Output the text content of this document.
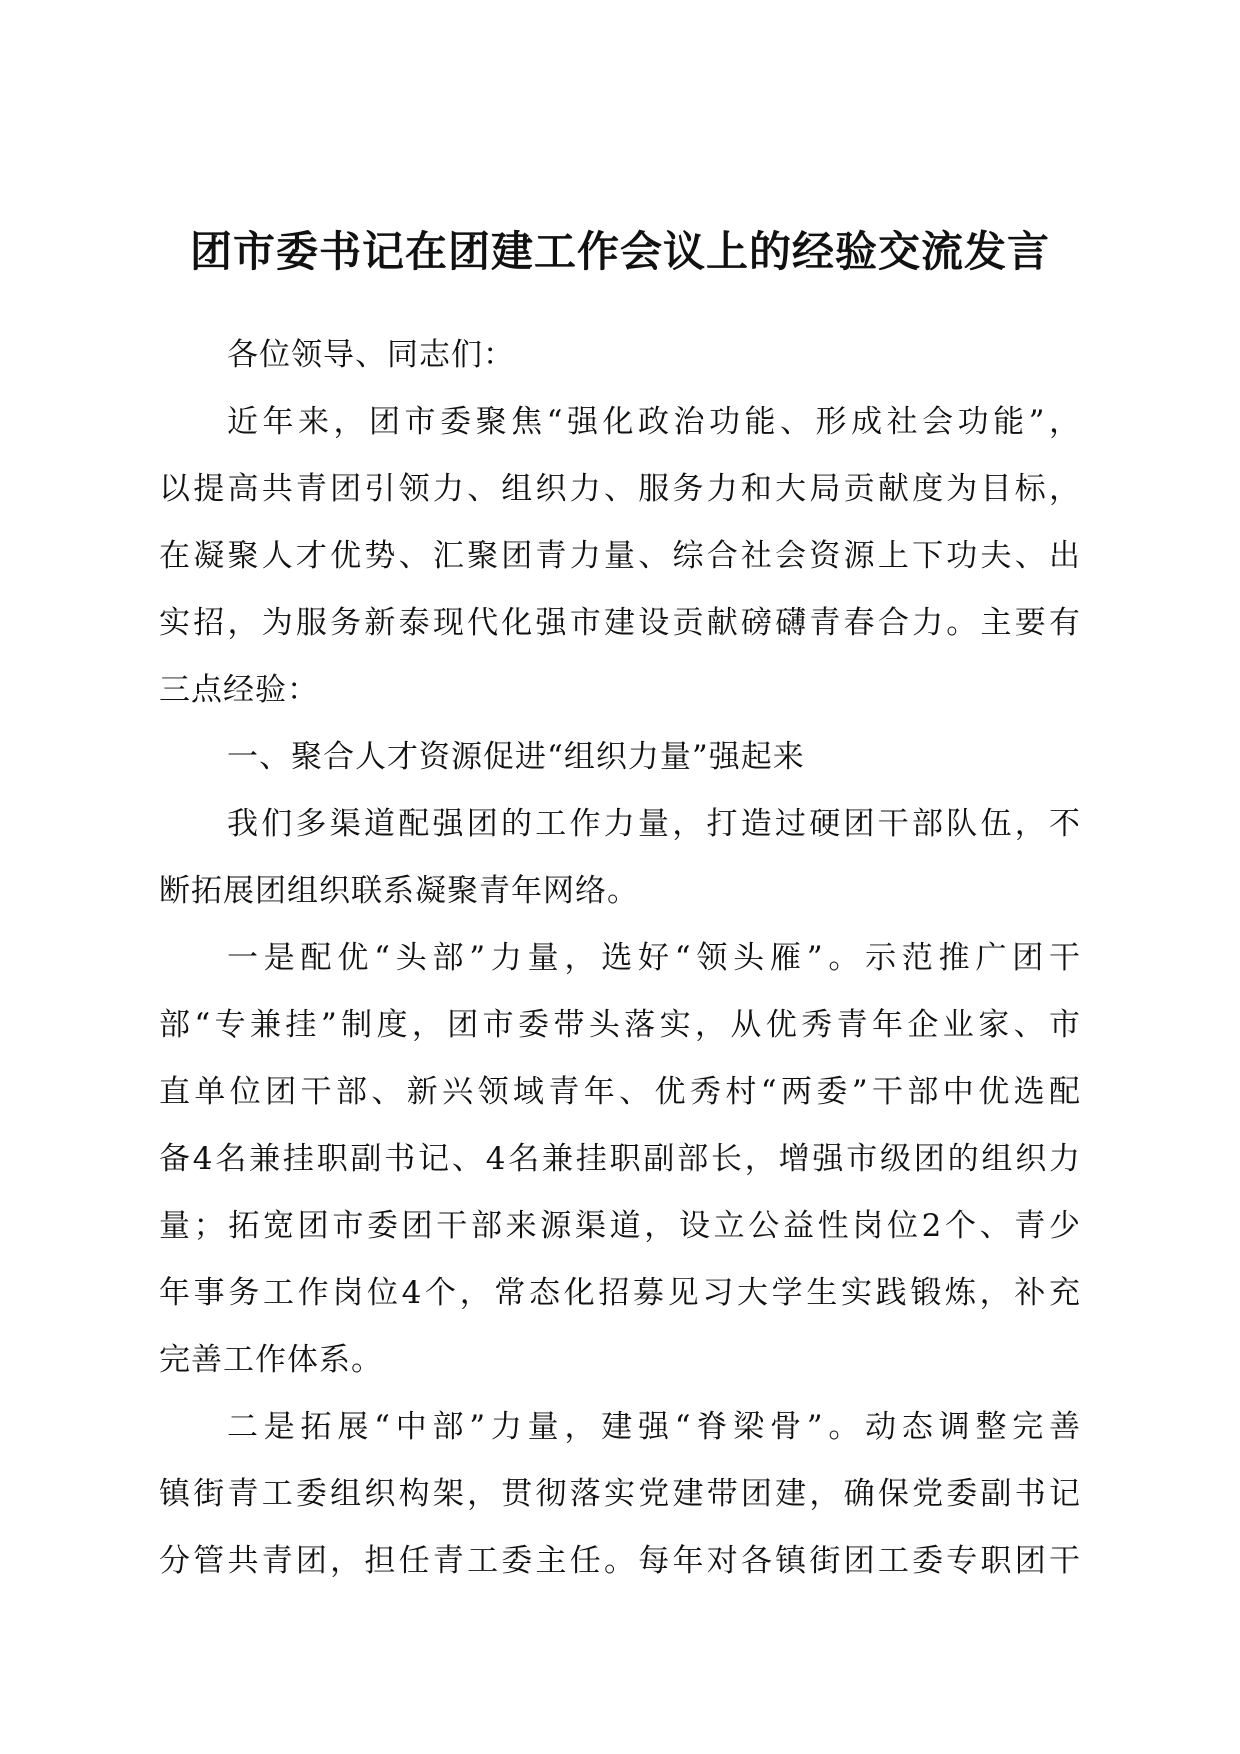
团市委书记在团建工作会议上的经验交流发言
各位领导、同志们：
近年来，团市委聚焦“强化政治功能、形成社会功能”，
以提高共青团引领力、组织力、服务力和大局贡献度为目标，
在凝聚人才优势、汇聚团青力量、综合社会资源上下功夫、出
实招，为服务新泰现代化强市建设贡献磅礴青春合力。主要有
三点经验：
一、聚合人才资源促进“组织力量”强起来
我们多渠道配强团的工作力量，打造过硬团干部队伍，不
断拓展团组织联系凝聚青年网络。
一是配优“头部”力量，选好“领头雁”。示范推广团干
部“专兼挂”制度，团市委带头落实，从优秀青年企业家、市
直单位团干部、新兴领域青年、优秀村“两委”干部中优选配
备4名兼挂职副书记、4名兼挂职副部长，增强市级团的组织力
量；拓宽团市委团干部来源渠道，设立公益性岗位2个、青少
年事务工作岗位4个，常态化招募见习大学生实践锻炼，补充
完善工作体系。
二是拓展“中部”力量，建强“脊梁骨”。动态调整完善
镇街青工委组织构架，贯彻落实党建带团建，确保党委副书记
分管共青团，担任青工委主任。每年对各镇街团工委专职团干
